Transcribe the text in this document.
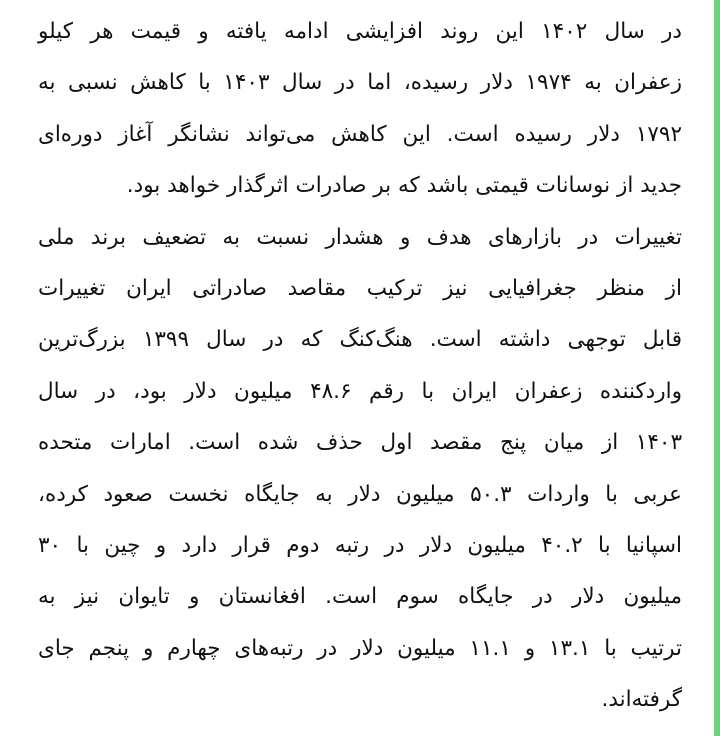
در سال ۱۴۰۲ این روند افزایشی ادامه یافته و قیمت هر کیلو
زعفران به ۱۹۷۴ دلار رسیده، اما در سال ۱۴۰۳ با کاهش نسبی به
۱۷۹۲ دلار رسیده است. این کاهش می‌تواند نشانگر آغاز دوره‌ای
جدید از نوسانات قیمتی باشد که بر صادرات اثرگذار خواهد بود.
تغییرات در بازارهای هدف و هشدار نسبت به تضعیف برند ملی
از منظر جغرافیایی نیز ترکیب مقاصد صادراتی ایران تغییرات
قابل توجهی داشته است. هنگ‌کنگ که در سال ۱۳۹۹ بزرگ‌ترین
واردکننده زعفران ایران با رقم ۴۸.۶ میلیون دلار بود، در سال
۱۴۰۳ از میان پنج مقصد اول حذف شده است. امارات متحده
عربی با واردات ۵۰.۳ میلیون دلار به جایگاه نخست صعود کرده،
اسپانیا با ۴۰.۲ میلیون دلار در رتبه دوم قرار دارد و چین با ۳۰
میلیون دلار در جایگاه سوم است. افغانستان و تایوان نیز به
ترتیب با ۱۳.۱ و ۱۱.۱ میلیون دلار در رتبه‌های چهارم و پنجم جای
گرفته‌اند.
